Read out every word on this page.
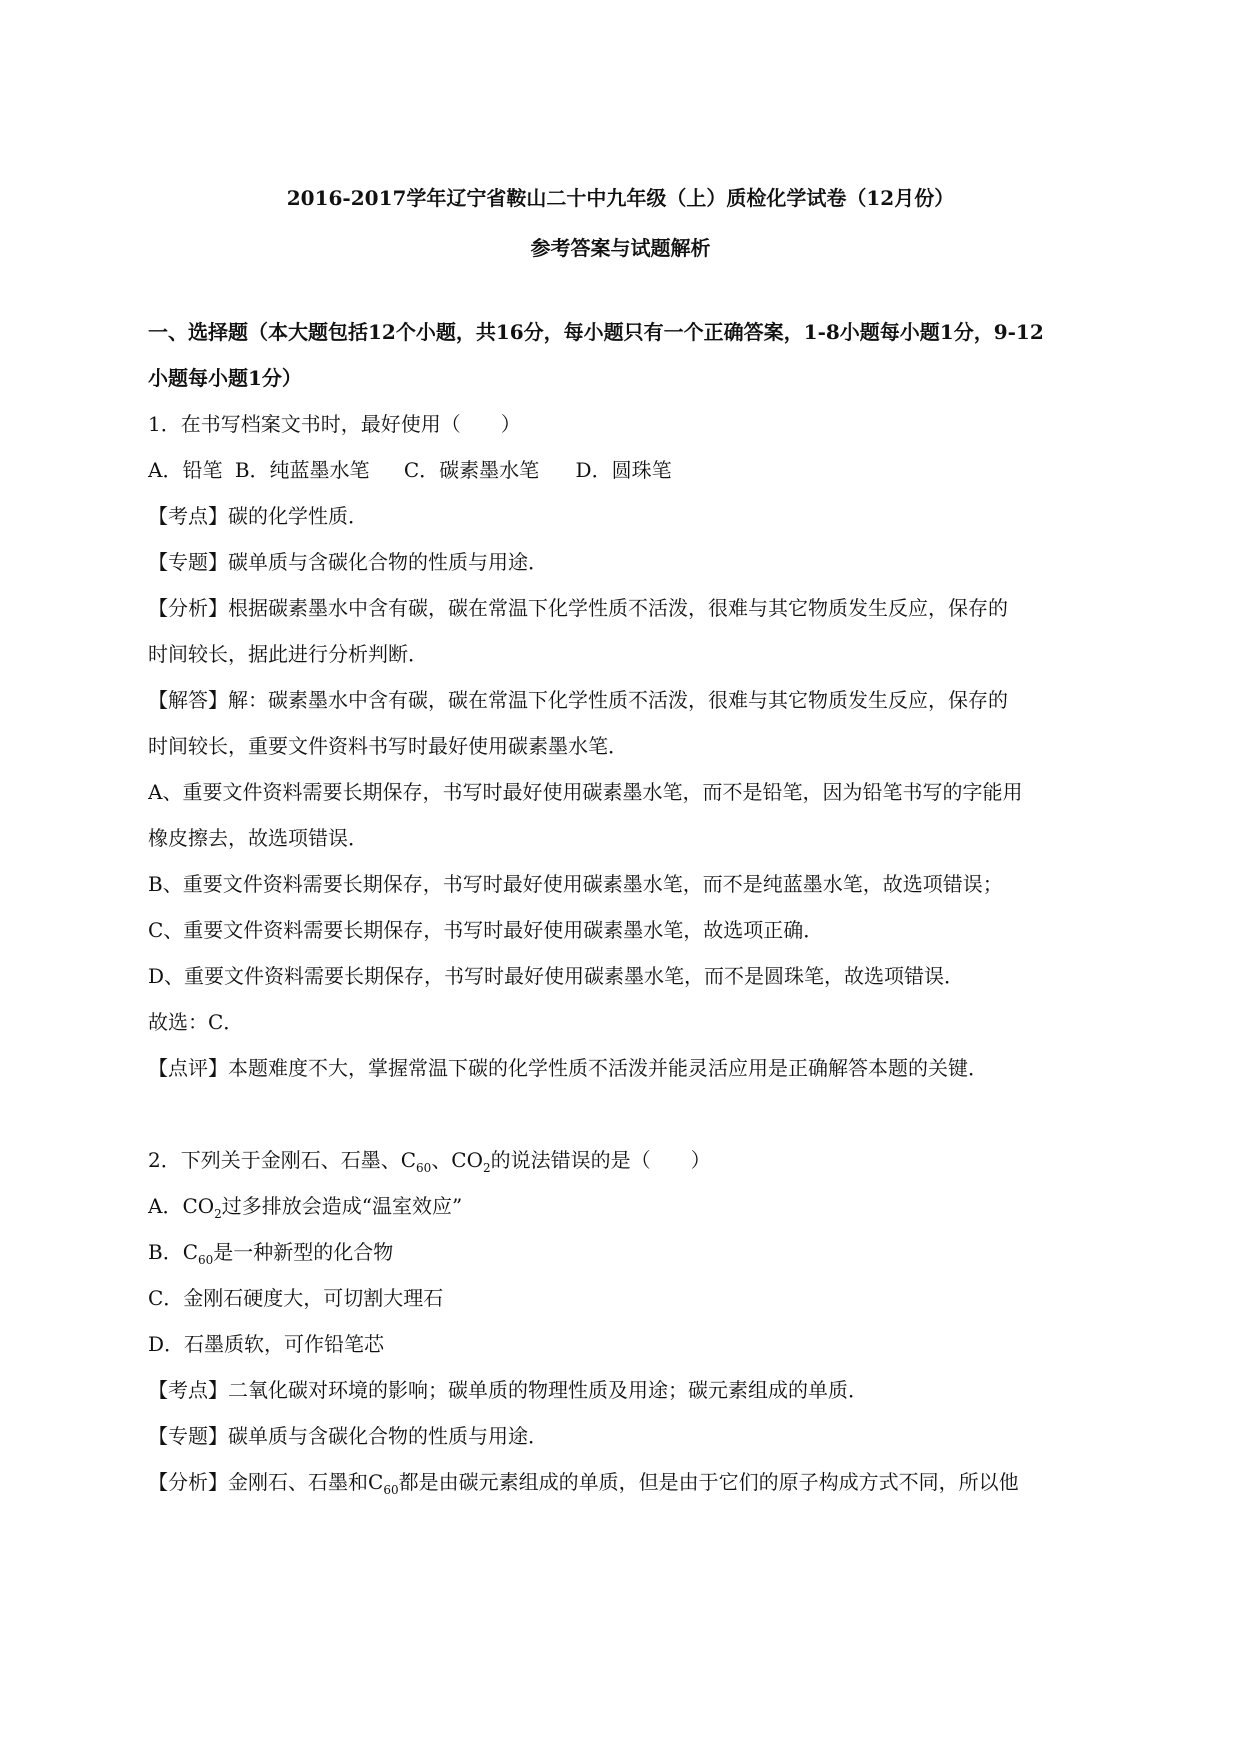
2016-2017学年辽宁省鞍山二十中九年级（上）质检化学试卷（12月份）
参考答案与试题解析
一、选择题（本大题包括12个小题，共16分，每小题只有一个正确答案，1-8小题每小题1分，9-12
小题每小题1分）
1．在书写档案文书时，最好使用（　　）
A．铅笔 B．纯蓝墨水笔 C．碳素墨水笔 D．圆珠笔
【考点】碳的化学性质．
【专题】碳单质与含碳化合物的性质与用途．
【分析】根据碳素墨水中含有碳，碳在常温下化学性质不活泼，很难与其它物质发生反应，保存的
时间较长，据此进行分析判断．
【解答】解：碳素墨水中含有碳，碳在常温下化学性质不活泼，很难与其它物质发生反应，保存的
时间较长，重要文件资料书写时最好使用碳素墨水笔．
A、重要文件资料需要长期保存，书写时最好使用碳素墨水笔，而不是铅笔，因为铅笔书写的字能用
橡皮擦去，故选项错误．
B、重要文件资料需要长期保存，书写时最好使用碳素墨水笔，而不是纯蓝墨水笔，故选项错误；
C、重要文件资料需要长期保存，书写时最好使用碳素墨水笔，故选项正确．
D、重要文件资料需要长期保存，书写时最好使用碳素墨水笔，而不是圆珠笔，故选项错误．
故选：C．
【点评】本题难度不大，掌握常温下碳的化学性质不活泼并能灵活应用是正确解答本题的关键．
2．下列关于金刚石、石墨、$C_{60}$、$CO_2$的说法错误的是（　　）
A．$CO_2$过多排放会造成“温室效应”
B．$C_{60}$是一种新型的化合物
C．金刚石硬度大，可切割大理石
D．石墨质软，可作铅笔芯
【考点】二氧化碳对环境的影响；碳单质的物理性质及用途；碳元素组成的单质．
【专题】碳单质与含碳化合物的性质与用途．
【分析】金刚石、石墨和$C_{60}$都是由碳元素组成的单质，但是由于它们的原子构成方式不同，所以他
